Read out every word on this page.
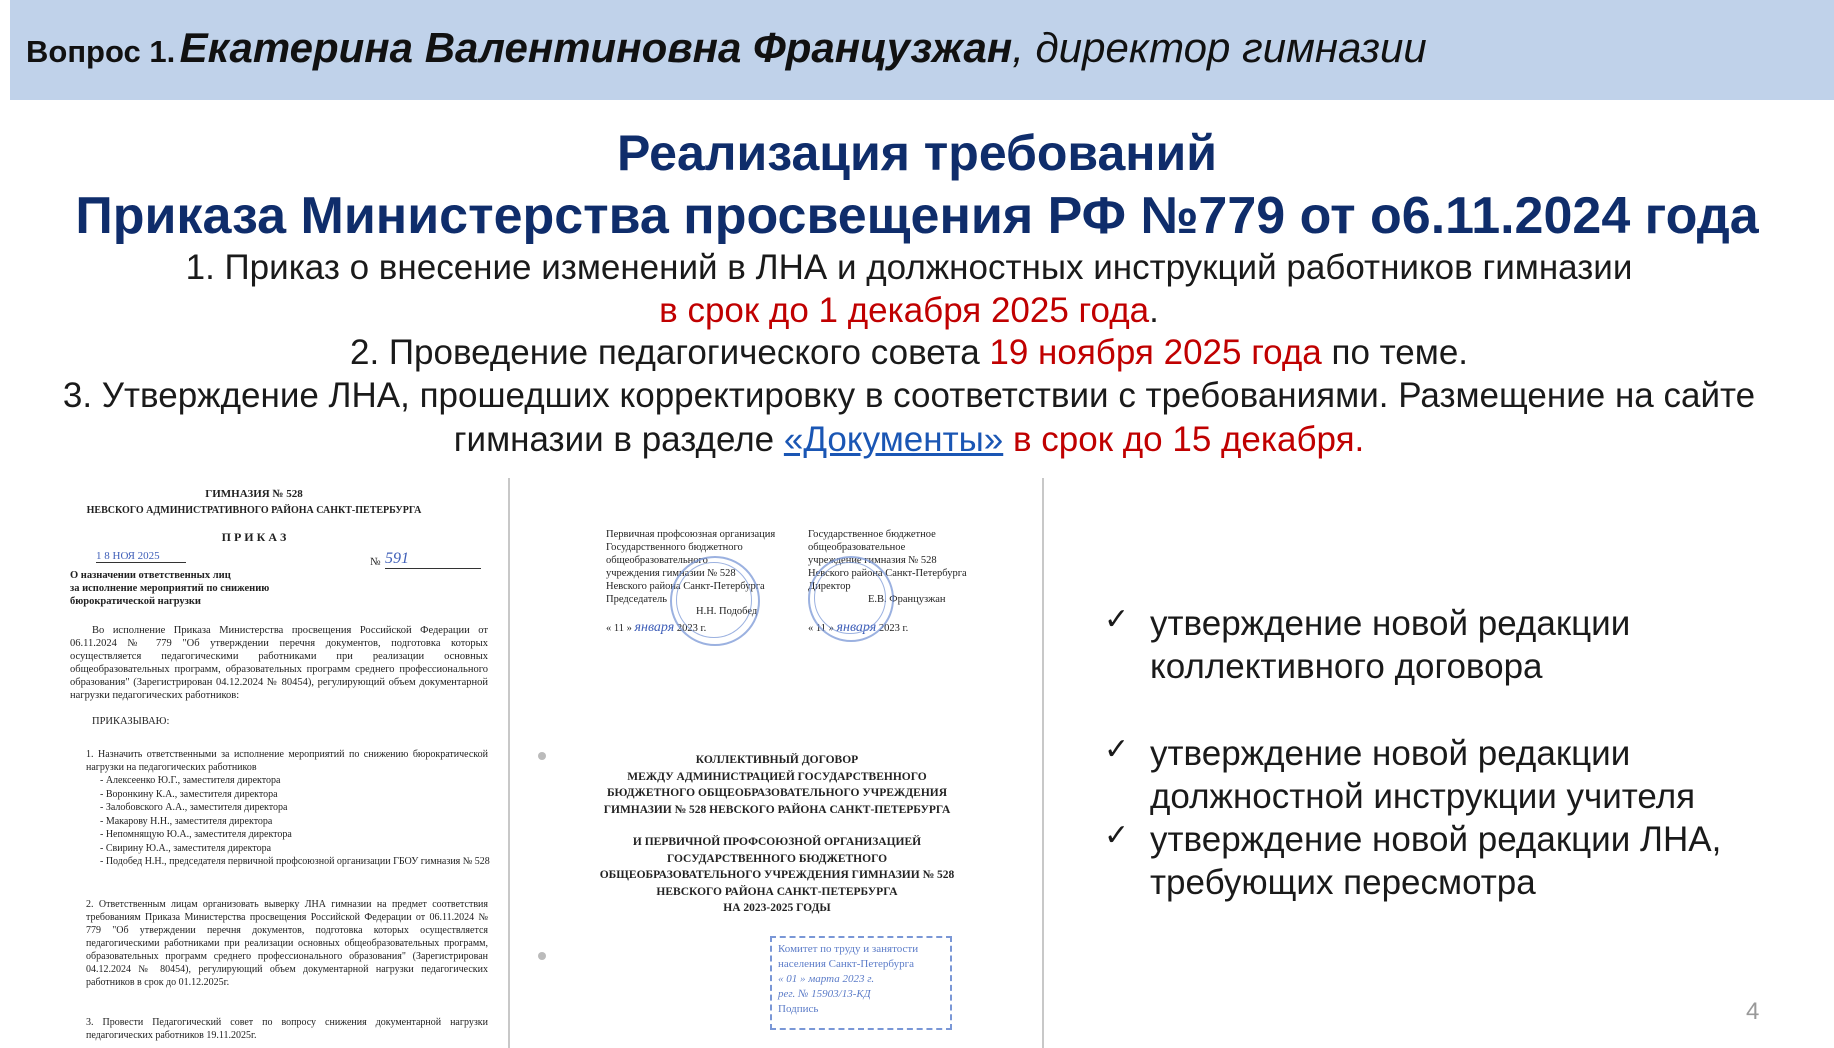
Вопрос 1. Екатерина Валентиновна Французжан, директор гимназии
Реализация требований
Приказа Министерства просвещения РФ №779 от о6.11.2024 года
1. Приказ о внесение изменений в ЛНА и должностных инструкций работников гимназии
в срок до 1 декабря 2025 года.
2. Проведение педагогического совета 19 ноября 2025 года по теме.
3. Утверждение ЛНА, прошедших корректировку в соответствии с требованиями. Размещение на сайте
гимназии в разделе «Документы» в срок до 15 декабря.
ГИМНАЗИЯ № 528
НЕВСКОГО АДМИНИСТРАТИВНОГО РАЙОНА САНКТ-ПЕТЕРБУРГА
П Р И К А З
1 8 НОЯ 2025	№ 591
О назначении ответственных лиц
за исполнение мероприятий по снижению
бюрократической нагрузки
Во исполнение Приказа Министерства просвещения Российской Федерации от 06.11.2024 № 779 "Об утверждении перечня документов, подготовка которых осуществляется педагогическими работниками при реализации основных общеобразовательных программ, образовательных программ среднего профессионального образования" (Зарегистрирован 04.12.2024 № 80454), регулирующий объем документарной нагрузки педагогических работников:
ПРИКАЗЫВАЮ:
1. Назначить ответственными за исполнение мероприятий по снижению бюрократической нагрузки на педагогических работников
- Алексеенко Ю.Г., заместителя директора
- Воронкину К.А., заместителя директора
- Залобовского А.А., заместителя директора
- Макарову Н.Н., заместителя директора
- Непомнящую Ю.А., заместителя директора
- Свирину Ю.А., заместителя директора
- Подобед Н.Н., председателя первичной профсоюзной организации ГБОУ гимназия № 528
2. Ответственным лицам организовать выверку ЛНА гимназии на предмет соответствия требованиям Приказа Министерства просвещения Российской Федерации от 06.11.2024 № 779 "Об утверждении перечня документов, подготовка которых осуществляется педагогическими работниками при реализации основных общеобразовательных программ, образовательных программ среднего профессионального образования" (Зарегистрирован 04.12.2024 № 80454), регулирующий объем документарной нагрузки педагогических работников в срок до 01.12.2025г.
3. Провести Педагогический совет по вопросу снижения документарной нагрузки педагогических работников 19.11.2025г.
Первичная профсоюзная организация
Государственного бюджетного
общеобразовательного
учреждения гимназии № 528
Невского района Санкт-Петербурга
Председатель
Н.Н. Подобед
« 11 » января 2023 г.
Государственное бюджетное
общеобразовательное
учреждение гимназия № 528
Невского района Санкт-Петербурга
Директор
Е.В. Французжан
« 11 » января 2023 г.
КОЛЛЕКТИВНЫЙ ДОГОВОР
МЕЖДУ АДМИНИСТРАЦИЕЙ ГОСУДАРСТВЕННОГО
БЮДЖЕТНОГО ОБЩЕОБРАЗОВАТЕЛЬНОГО УЧРЕЖДЕНИЯ
ГИМНАЗИИ № 528 НЕВСКОГО РАЙОНА САНКТ-ПЕТЕРБУРГА
И ПЕРВИЧНОЙ ПРОФСОЮЗНОЙ ОРГАНИЗАЦИЕЙ
ГОСУДАРСТВЕННОГО БЮДЖЕТНОГО
ОБЩЕОБРАЗОВАТЕЛЬНОГО УЧРЕЖДЕНИЯ ГИМНАЗИИ № 528
НЕВСКОГО РАЙОНА САНКТ-ПЕТЕРБУРГА
НА 2023-2025 ГОДЫ
Комитет по труду и занятости
населения Санкт-Петербурга
« 01 » марта 2023 г.
рег. № 15903/13-КД
Подпись
✓ утверждение новой редакции
коллективного договора
✓ утверждение новой редакции
должностной инструкции учителя
✓ утверждение новой редакции ЛНА,
требующих пересмотра
4
